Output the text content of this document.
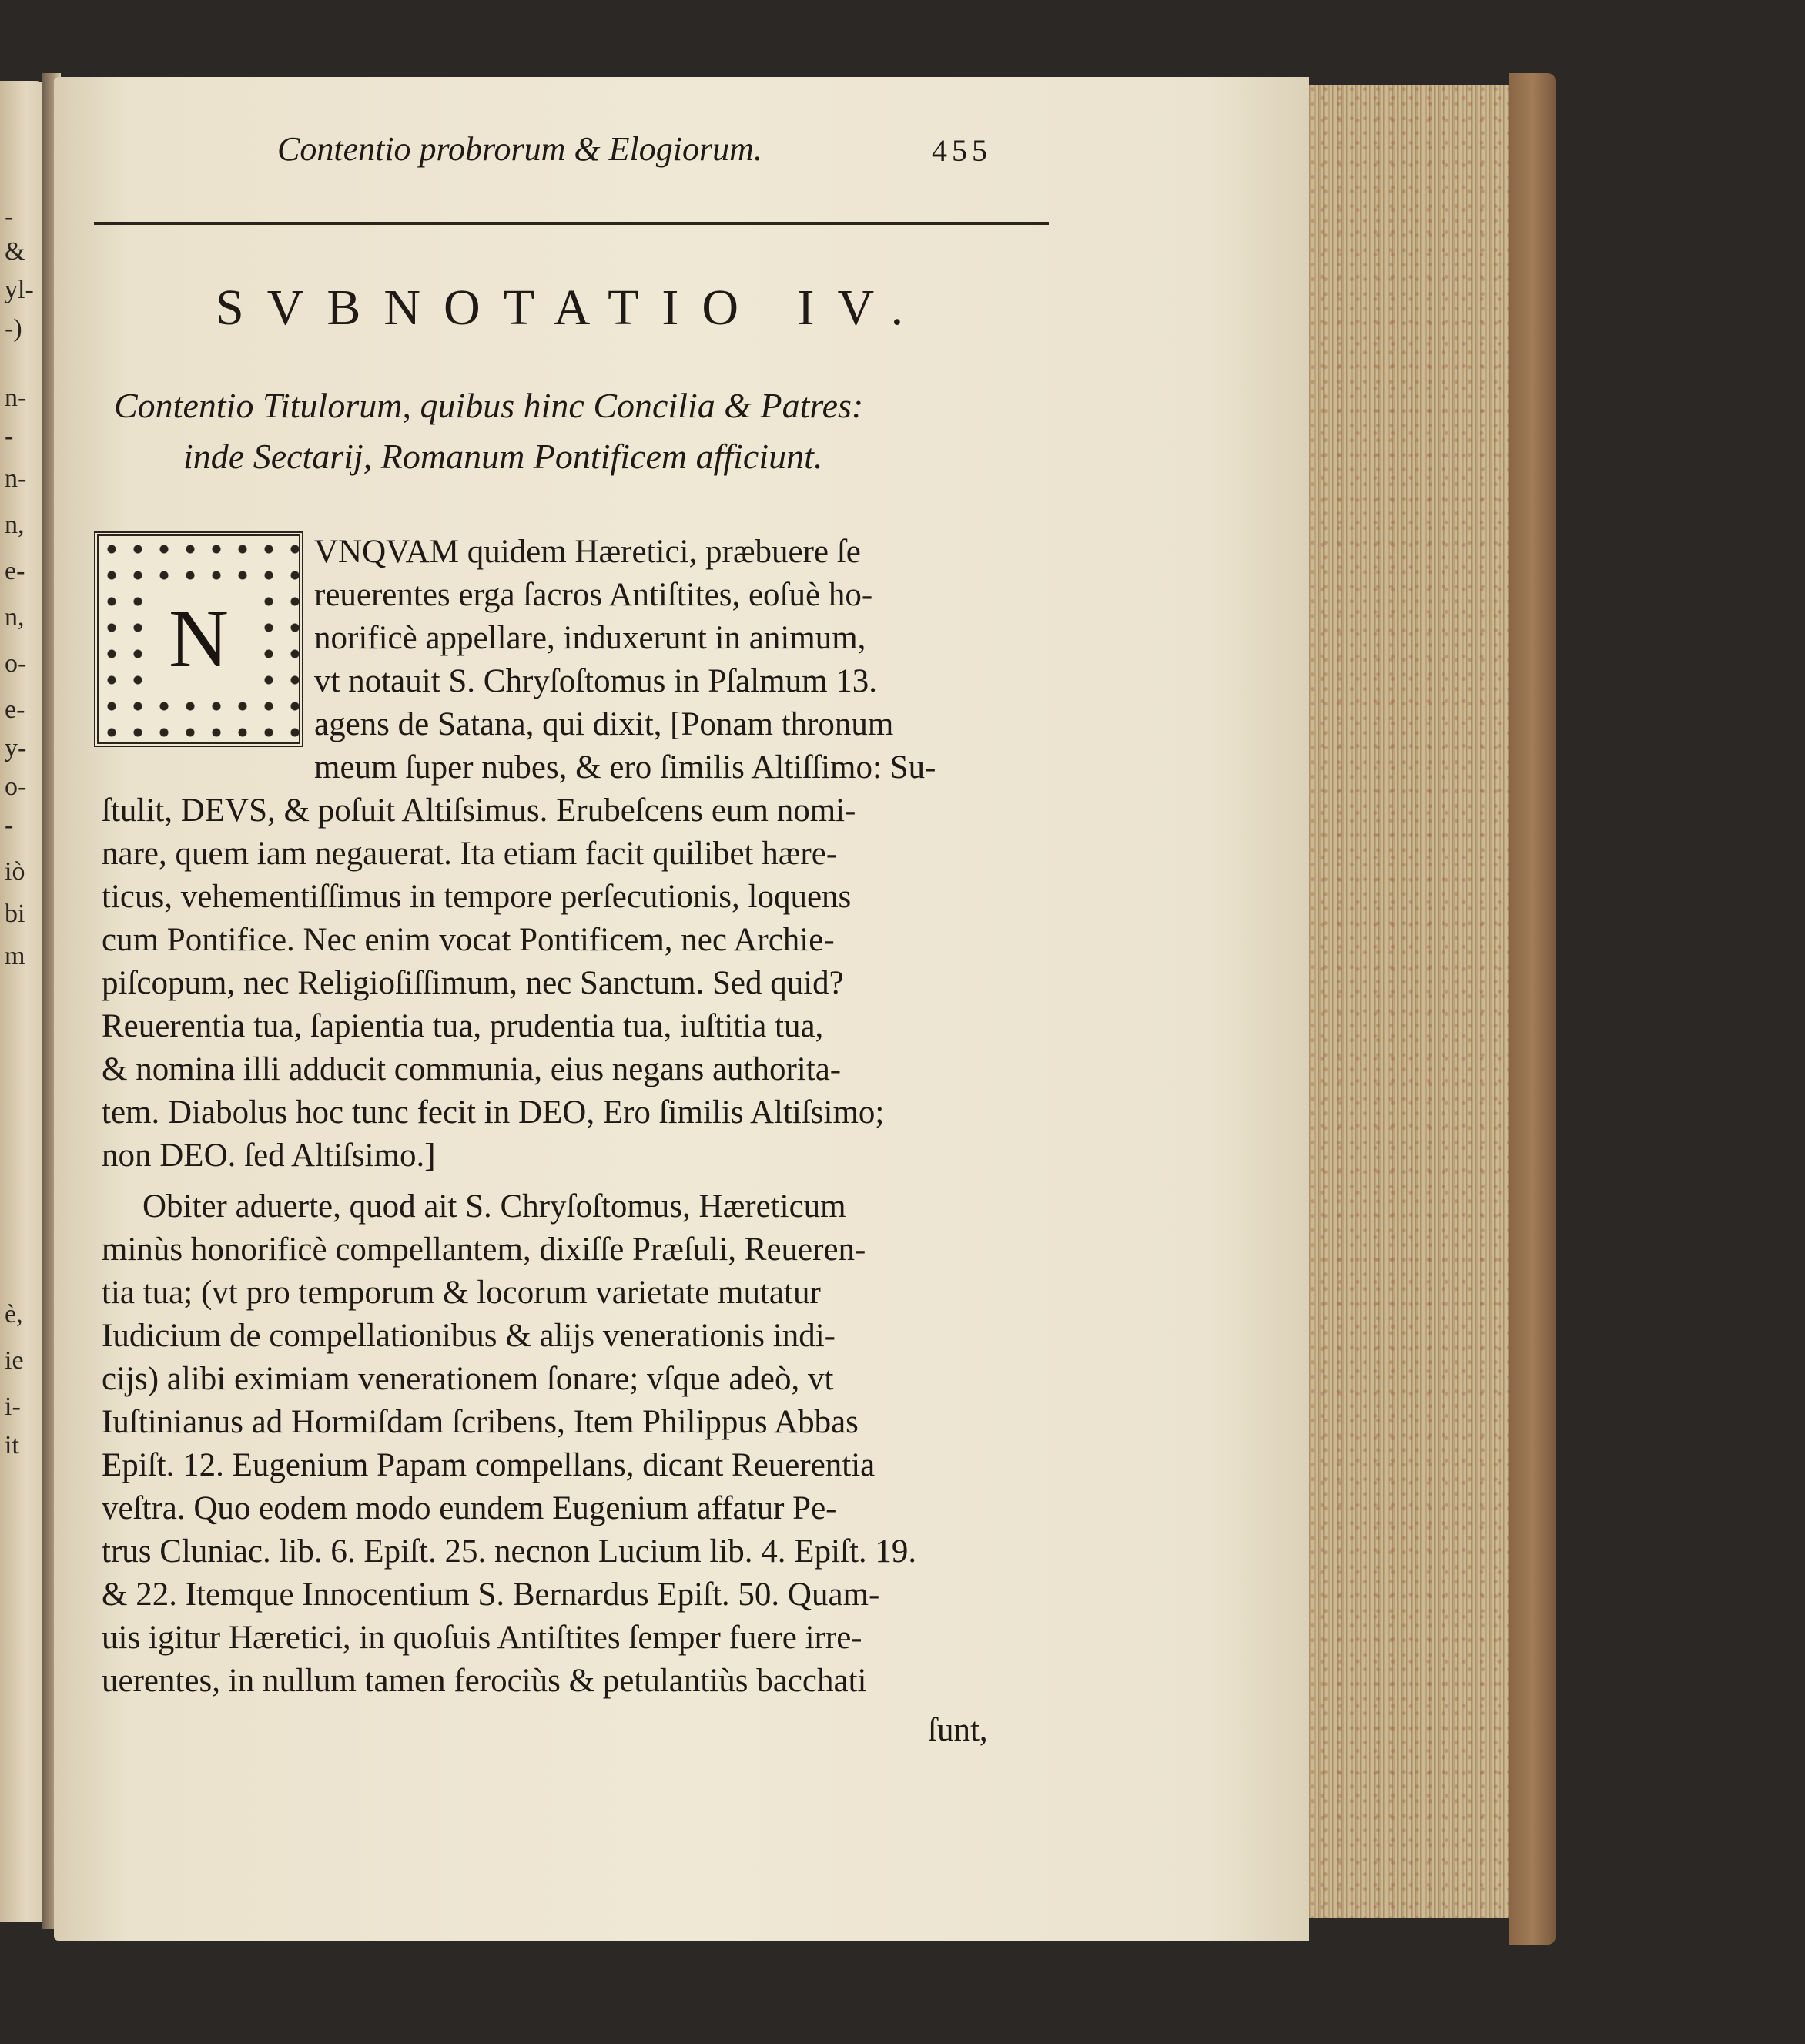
-
&
yl-
-)
n-
-
n-
n,
e-
n,
o-
e-
y-
o-
-
iò
bi
m
è,
ie
i-
it
Contentio probrorum & Elogiorum.	455
SVBNOTATIO IV.
Contentio Titulorum, quibus hinc Concilia & Patres:
inde Sectarij, Romanum Pontificem afficiunt.
N
VNQVAM quidem Hæretici, præbuere ſe
reuerentes erga ſacros Antiſtites, eoſuè ho-
norificè appellare, induxerunt in animum,
vt notauit S. Chryſoſtomus in Pſalmum 13.
agens de Satana, qui dixit, [Ponam thronum
meum ſuper nubes, & ero ſimilis Altiſſimo: Su-
ſtulit, DEVS, & poſuit Altiſsimus. Erubeſcens eum nomi-
nare, quem iam negauerat. Ita etiam facit quilibet hære-
ticus, vehementiſſimus in tempore perſecutionis, loquens
cum Pontifice. Nec enim vocat Pontificem, nec Archie-
piſcopum, nec Religioſiſſimum, nec Sanctum. Sed quid?
Reuerentia tua, ſapientia tua, prudentia tua, iuſtitia tua,
& nomina illi adducit communia, eius negans authorita-
tem. Diabolus hoc tunc fecit in DEO, Ero ſimilis Altiſsimo;
non DEO. ſed Altiſsimo.]
Obiter aduerte, quod ait S. Chryſoſtomus, Hæreticum
minùs honorificè compellantem, dixiſſe Præſuli, Reueren-
tia tua; (vt pro temporum & locorum varietate mutatur
Iudicium de compellationibus & alijs venerationis indi-
cijs) alibi eximiam venerationem ſonare; vſque adeò, vt
Iuſtinianus ad Hormiſdam ſcribens, Item Philippus Abbas
Epiſt. 12. Eugenium Papam compellans, dicant Reuerentia
veſtra. Quo eodem modo eundem Eugenium affatur Pe-
trus Cluniac. lib. 6. Epiſt. 25. necnon Lucium lib. 4. Epiſt. 19.
& 22. Itemque Innocentium S. Bernardus Epiſt. 50. Quam-
uis igitur Hæretici, in quoſuis Antiſtites ſemper fuere irre-
uerentes, in nullum tamen ferociùs & petulantiùs bacchati
ſunt,
